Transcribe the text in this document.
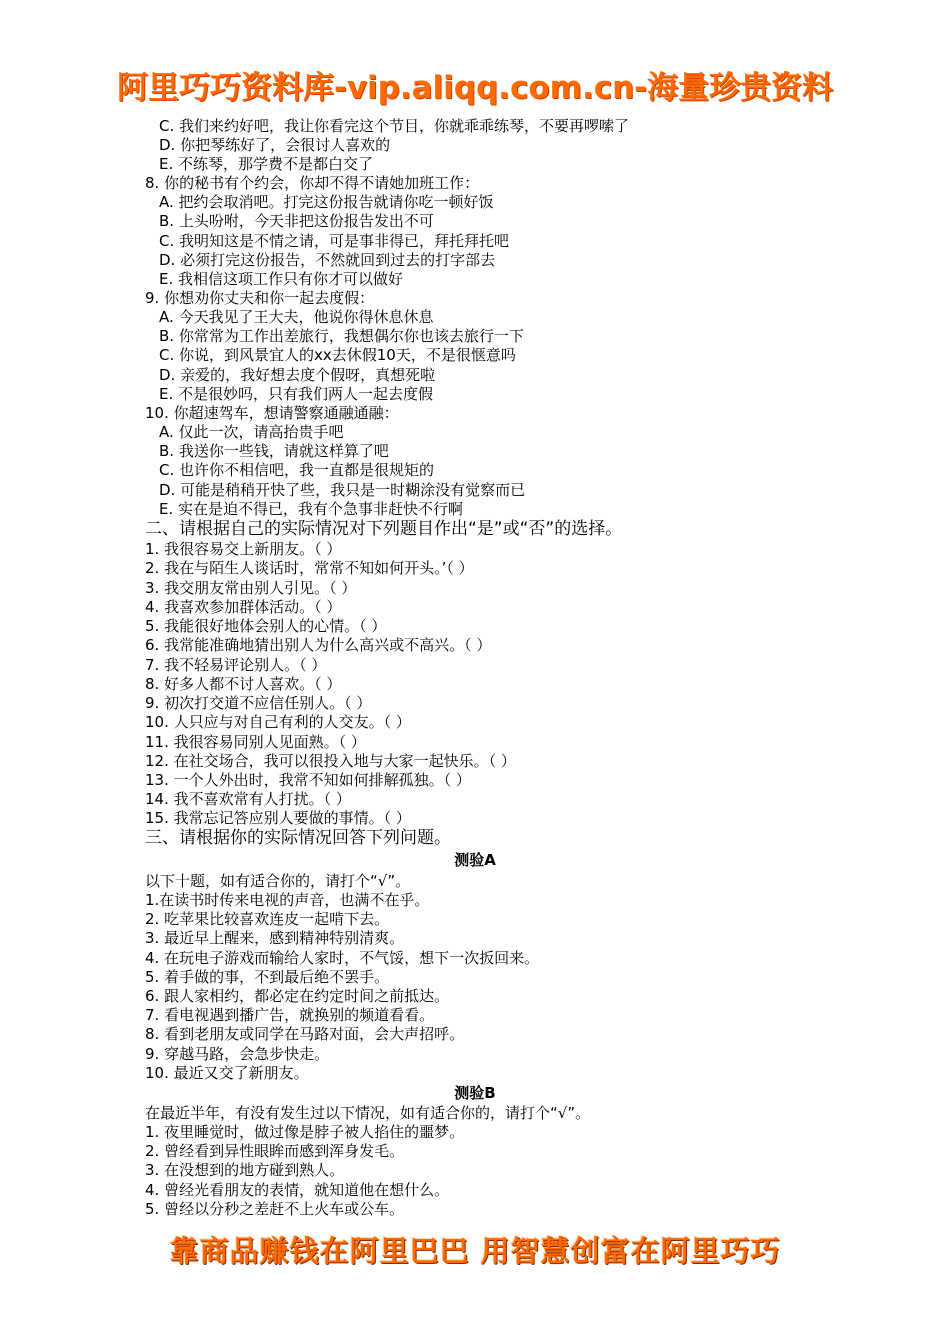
阿里巧巧资料库-vip.aliqq.com.cn-海量珍贵资料
C. 我们来约好吧，我让你看完这个节目，你就乖乖练琴，不要再啰嗦了
D. 你把琴练好了，会很讨人喜欢的
E. 不练琴，那学费不是都白交了
8. 你的秘书有个约会，你却不得不请她加班工作：
A. 把约会取消吧。打完这份报告就请你吃一顿好饭
B. 上头吩咐，今天非把这份报告发出不可
C. 我明知这是不情之请，可是事非得已，拜托拜托吧
D. 必须打完这份报告，不然就回到过去的打字部去
E. 我相信这项工作只有你才可以做好
9. 你想劝你丈夫和你一起去度假：
A. 今天我见了王大夫，他说你得休息休息
B. 你常常为工作出差旅行，我想偶尔你也该去旅行一下
C. 你说，到风景宜人的xx去休假10天，不是很惬意吗
D. 亲爱的，我好想去度个假呀，真想死啦
E. 不是很妙吗，只有我们两人一起去度假
10. 你超速驾车，想请警察通融通融：
A. 仅此一次，请高抬贵手吧
B. 我送你一些钱，请就这样算了吧
C. 也许你不相信吧，我一直都是很规矩的
D. 可能是稍稍开快了些，我只是一时糊涂没有觉察而已
E. 实在是迫不得已，我有个急事非赶快不行啊
二、请根据自己的实际情况对下列题目作出“是”或“否”的选择。
1. 我很容易交上新朋友。（ ）
2. 我在与陌生人谈话时，常常不知如何开头。’（ ）
3. 我交朋友常由别人引见。（ ）
4. 我喜欢参加群体活动。（ ）
5. 我能很好地体会别人的心情。（ ）
6. 我常能准确地猜出别人为什么高兴或不高兴。（ ）
7. 我不轻易评论别人。（ ）
8. 好多人都不讨人喜欢。（ ）
9. 初次打交道不应信任别人。（ ）
10. 人只应与对自己有利的人交友。（ ）
11. 我很容易同别人见面熟。（ ）
12. 在社交场合，我可以很投入地与大家一起快乐。（ ）
13. 一个人外出时，我常不知如何排解孤独。（ ）
14. 我不喜欢常有人打扰。（ ）
15. 我常忘记答应别人要做的事情。（ ）
三、请根据你的实际情况回答下列问题。
测验A
以下十题，如有适合你的，请打个“√”。
1.在读书时传来电视的声音，也满不在乎。
2. 吃苹果比较喜欢连皮一起啃下去。
3. 最近早上醒来，感到精神特别清爽。
4. 在玩电子游戏而输给人家时，不气馁，想下一次扳回来。
5. 着手做的事，不到最后绝不罢手。
6. 跟人家相约，都必定在约定时间之前抵达。
7. 看电视遇到播广告，就换别的频道看看。
8. 看到老朋友或同学在马路对面，会大声招呼。
9. 穿越马路，会急步快走。
10. 最近又交了新朋友。
测验B
在最近半年，有没有发生过以下情况，如有适合你的，请打个“√”。
1. 夜里睡觉时，做过像是脖子被人掐住的噩梦。
2. 曾经看到异性眼眸而感到浑身发毛。
3. 在没想到的地方碰到熟人。
4. 曾经光看朋友的表情，就知道他在想什么。
5. 曾经以分秒之差赶不上火车或公车。
靠商品赚钱在阿里巴巴 用智慧创富在阿里巧巧
